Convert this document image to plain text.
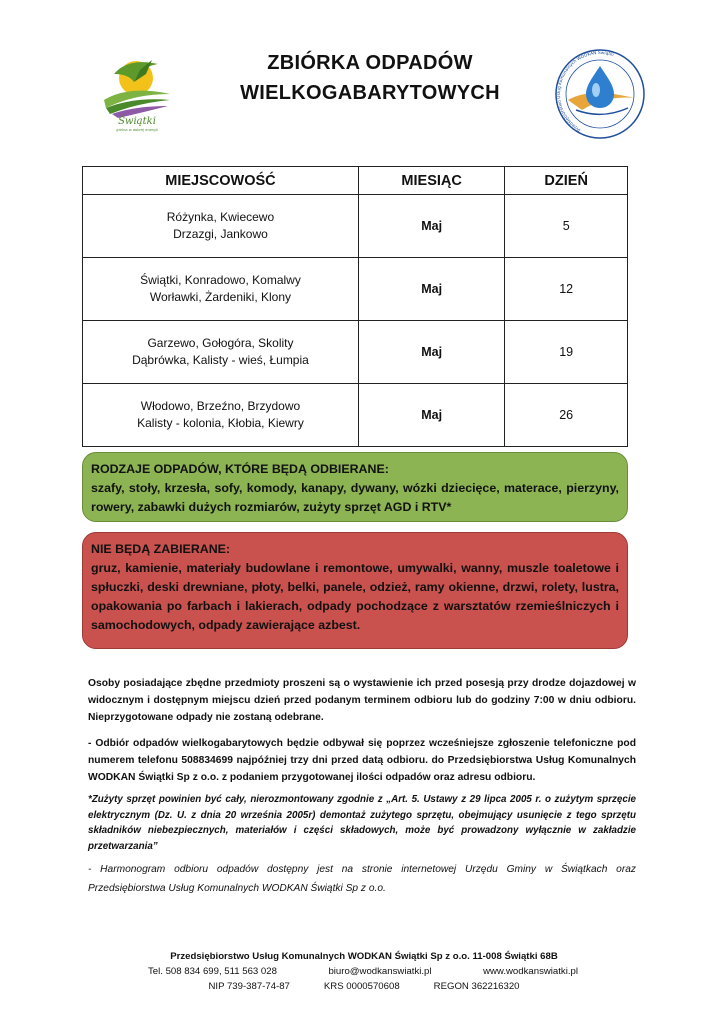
Świątki
gmina w dobrej energii
ZBIÓRKA ODPADÓW
WIELKOGABARYTOWYCH
Przedsiębiorstwo Usług Komunalnych WODKAN Świątki
MIEJSCOWOŚĆ	MIESIĄC	DZIEŃ

Różynka, Kwiecewo
Drzazgi, Jankowo	Maj	5

Świątki, Konradowo, Komalwy
Worławki, Żardeniki, Klony	Maj	12

Garzewo, Gołogóra, Skolity
Dąbrówka, Kalisty - wieś, Łumpia	Maj	19

Włodowo, Brzeźno, Brzydowo
Kalisty - kolonia, Kłobia, Kiewry	Maj	26
RODZAJE ODPADÓW, KTÓRE BĘDĄ ODBIERANE:
szafy, stoły, krzesła, sofy, komody, kanapy, dywany, wózki dziecięce, materace, pierzyny, rowery, zabawki dużych rozmiarów, zużyty sprzęt AGD i RTV*
NIE BĘDĄ ZABIERANE:
gruz, kamienie, materiały budowlane i remontowe, umywalki, wanny, muszle toaletowe i spłuczki, deski drewniane, płoty, belki, panele, odzież, ramy okienne, drzwi, rolety, lustra, opakowania po farbach i lakierach, odpady pochodzące z warsztatów rzemieślniczych i samochodowych, odpady zawierające azbest.
Osoby posiadające zbędne przedmioty proszeni są o wystawienie ich przed posesją przy drodze dojazdowej w widocznym i dostępnym miejscu dzień przed podanym terminem odbioru lub do godziny 7:00 w dniu odbioru. Nieprzygotowane odpady nie zostaną odebrane.
- Odbiór odpadów wielkogabarytowych będzie odbywał się poprzez wcześniejsze zgłoszenie telefoniczne pod numerem telefonu 508834699 najpóźniej trzy dni przed datą odbioru. do Przedsiębiorstwa Usług Komunalnych WODKAN Świątki Sp z o.o. z podaniem przygotowanej ilości odpadów oraz adresu odbioru.
*Zużyty sprzęt powinien być cały, nierozmontowany zgodnie z „Art. 5. Ustawy z 29 lipca 2005 r. o zużytym sprzęcie elektrycznym (Dz. U. z dnia 20 września 2005r) demontaż zużytego sprzętu, obejmujący usunięcie z tego sprzętu składników niebezpiecznych, materiałów i części składowych, może być prowadzony wyłącznie w zakładzie przetwarzania”
- Harmonogram odbioru odpadów dostępny jest na stronie internetowej Urzędu Gminy w Świątkach oraz Przedsiębiorstwa Usług Komunalnych WODKAN Świątki Sp z o.o.
Przedsiębiorstwo Usług Komunalnych WODKAN Świątki Sp z o.o. 11-008 Świątki 68B
Tel. 508 834 699, 511 563 028	biuro@wodkanswiatki.pl	www.wodkanswiatki.pl
NIP 739-387-74-87	KRS 0000570608	REGON 362216320
